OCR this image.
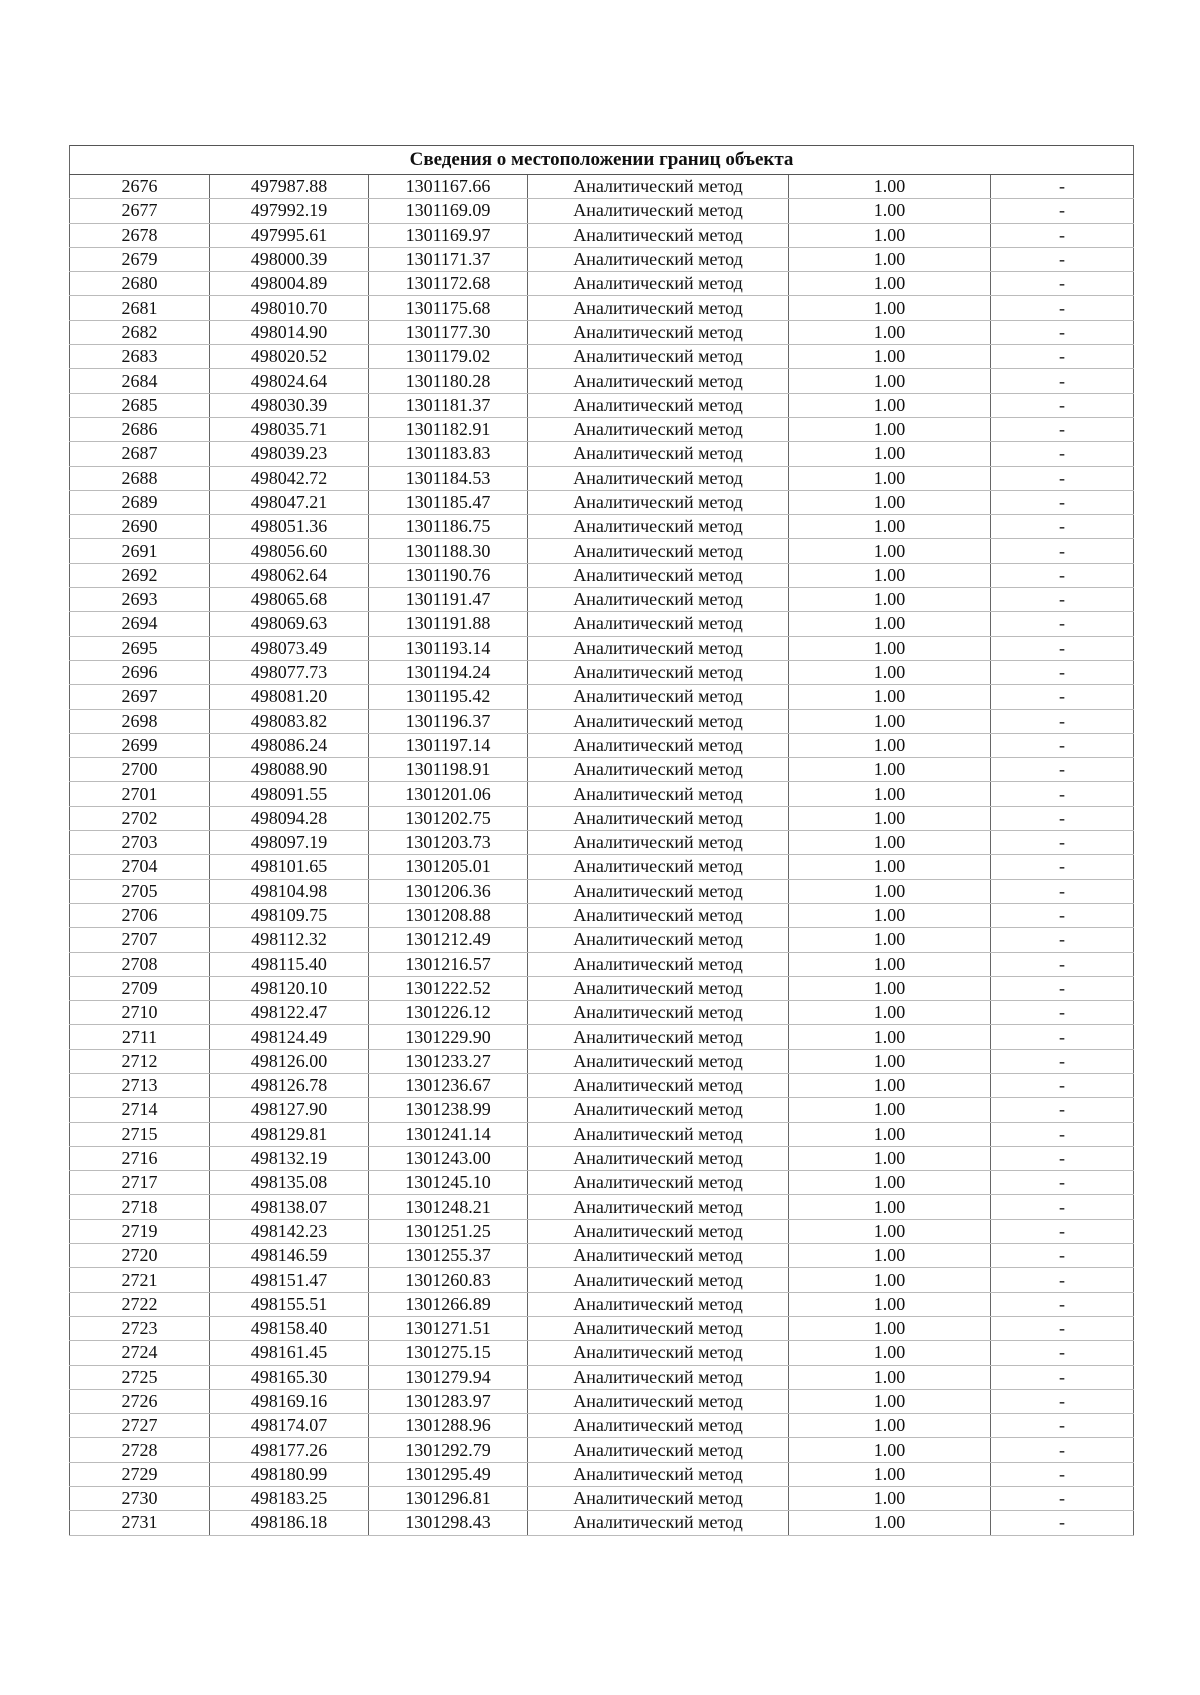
Сведения о местоположении границ объекта					
2676	497987.88	1301167.66	Аналитический метод	1.00	-
2677	497992.19	1301169.09	Аналитический метод	1.00	-
2678	497995.61	1301169.97	Аналитический метод	1.00	-
2679	498000.39	1301171.37	Аналитический метод	1.00	-
2680	498004.89	1301172.68	Аналитический метод	1.00	-
2681	498010.70	1301175.68	Аналитический метод	1.00	-
2682	498014.90	1301177.30	Аналитический метод	1.00	-
2683	498020.52	1301179.02	Аналитический метод	1.00	-
2684	498024.64	1301180.28	Аналитический метод	1.00	-
2685	498030.39	1301181.37	Аналитический метод	1.00	-
2686	498035.71	1301182.91	Аналитический метод	1.00	-
2687	498039.23	1301183.83	Аналитический метод	1.00	-
2688	498042.72	1301184.53	Аналитический метод	1.00	-
2689	498047.21	1301185.47	Аналитический метод	1.00	-
2690	498051.36	1301186.75	Аналитический метод	1.00	-
2691	498056.60	1301188.30	Аналитический метод	1.00	-
2692	498062.64	1301190.76	Аналитический метод	1.00	-
2693	498065.68	1301191.47	Аналитический метод	1.00	-
2694	498069.63	1301191.88	Аналитический метод	1.00	-
2695	498073.49	1301193.14	Аналитический метод	1.00	-
2696	498077.73	1301194.24	Аналитический метод	1.00	-
2697	498081.20	1301195.42	Аналитический метод	1.00	-
2698	498083.82	1301196.37	Аналитический метод	1.00	-
2699	498086.24	1301197.14	Аналитический метод	1.00	-
2700	498088.90	1301198.91	Аналитический метод	1.00	-
2701	498091.55	1301201.06	Аналитический метод	1.00	-
2702	498094.28	1301202.75	Аналитический метод	1.00	-
2703	498097.19	1301203.73	Аналитический метод	1.00	-
2704	498101.65	1301205.01	Аналитический метод	1.00	-
2705	498104.98	1301206.36	Аналитический метод	1.00	-
2706	498109.75	1301208.88	Аналитический метод	1.00	-
2707	498112.32	1301212.49	Аналитический метод	1.00	-
2708	498115.40	1301216.57	Аналитический метод	1.00	-
2709	498120.10	1301222.52	Аналитический метод	1.00	-
2710	498122.47	1301226.12	Аналитический метод	1.00	-
2711	498124.49	1301229.90	Аналитический метод	1.00	-
2712	498126.00	1301233.27	Аналитический метод	1.00	-
2713	498126.78	1301236.67	Аналитический метод	1.00	-
2714	498127.90	1301238.99	Аналитический метод	1.00	-
2715	498129.81	1301241.14	Аналитический метод	1.00	-
2716	498132.19	1301243.00	Аналитический метод	1.00	-
2717	498135.08	1301245.10	Аналитический метод	1.00	-
2718	498138.07	1301248.21	Аналитический метод	1.00	-
2719	498142.23	1301251.25	Аналитический метод	1.00	-
2720	498146.59	1301255.37	Аналитический метод	1.00	-
2721	498151.47	1301260.83	Аналитический метод	1.00	-
2722	498155.51	1301266.89	Аналитический метод	1.00	-
2723	498158.40	1301271.51	Аналитический метод	1.00	-
2724	498161.45	1301275.15	Аналитический метод	1.00	-
2725	498165.30	1301279.94	Аналитический метод	1.00	-
2726	498169.16	1301283.97	Аналитический метод	1.00	-
2727	498174.07	1301288.96	Аналитический метод	1.00	-
2728	498177.26	1301292.79	Аналитический метод	1.00	-
2729	498180.99	1301295.49	Аналитический метод	1.00	-
2730	498183.25	1301296.81	Аналитический метод	1.00	-
2731	498186.18	1301298.43	Аналитический метод	1.00	-
